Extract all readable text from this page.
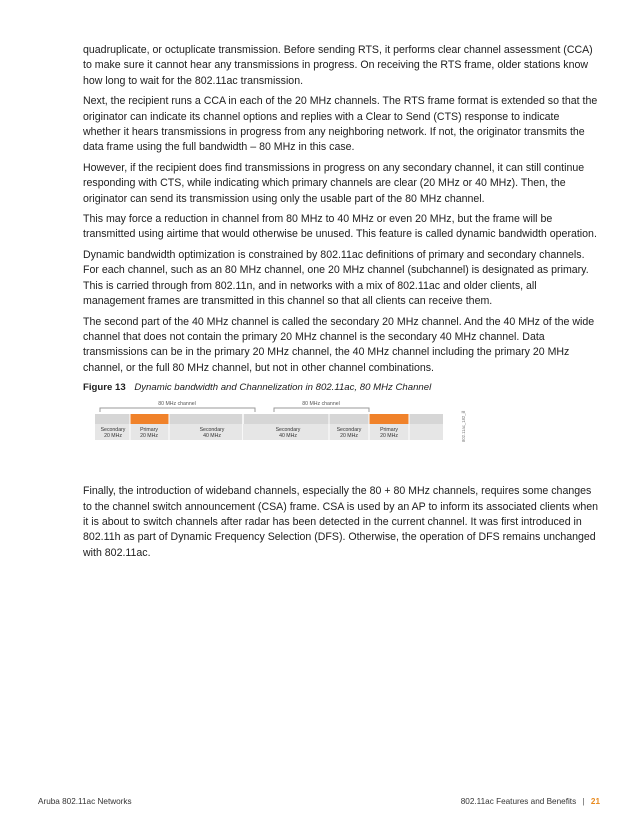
quadruplicate, or octuplicate transmission. Before sending RTS, it performs clear channel assessment (CCA) to make sure it cannot hear any transmissions in progress. On receiving the RTS frame, older stations know how long to wait for the 802.11ac transmission.

Next, the recipient runs a CCA in each of the 20 MHz channels. The RTS frame format is extended so that the originator can indicate its channel options and replies with a Clear to Send (CTS) response to indicate whether it hears transmissions in progress from any neighboring network. If not, the originator transmits the data frame using the full bandwidth – 80 MHz in this case.

However, if the recipient does find transmissions in progress on any secondary channel, it can still continue responding with CTS, while indicating which primary channels are clear (20 MHz or 40 MHz). Then, the originator can send its transmission using only the usable part of the 80 MHz channel.

This may force a reduction in channel from 80 MHz to 40 MHz or even 20 MHz, but the frame will be transmitted using airtime that would otherwise be unused. This feature is called dynamic bandwidth operation.

Dynamic bandwidth optimization is constrained by 802.11ac definitions of primary and secondary channels. For each channel, such as an 80 MHz channel, one 20 MHz channel (subchannel) is designated as primary. This is carried through from 802.11n, and in networks with a mix of 802.11ac and older clients, all management frames are transmitted in this channel so that all clients can receive them.

The second part of the 40 MHz channel is called the secondary 20 MHz channel. And the 40 MHz of the wide channel that does not contain the primary 20 MHz channel is the secondary 40 MHz channel. Data transmissions can be in the primary 20 MHz channel, the 40 MHz channel including the primary 20 MHz channel, or the full 80 MHz channel, but not in other channel combinations.

Figure 13 Dynamic bandwidth and Channelization in 802.11ac, 80 MHz Channel
80 MHz channel
Secondary
20 MHz
Primary
20 MHz
Secondary
40 MHz
80 MHz channel
Secondary
40 MHz
Secondary
20 MHz
Primary
20 MHz	802.11ac_182_ill

Finally, the introduction of wideband channels, especially the 80 + 80 MHz channels, requires some changes to the channel switch announcement (CSA) frame. CSA is used by an AP to inform its associated clients when it is about to switch channels after radar has been detected in the current channel. It was first introduced in 802.11h as part of Dynamic Frequency Selection (DFS). Otherwise, the operation of DFS remains unchanged with 802.11ac.

Aruba 802.11ac Networks	802.11ac Features and Benefits | 21
